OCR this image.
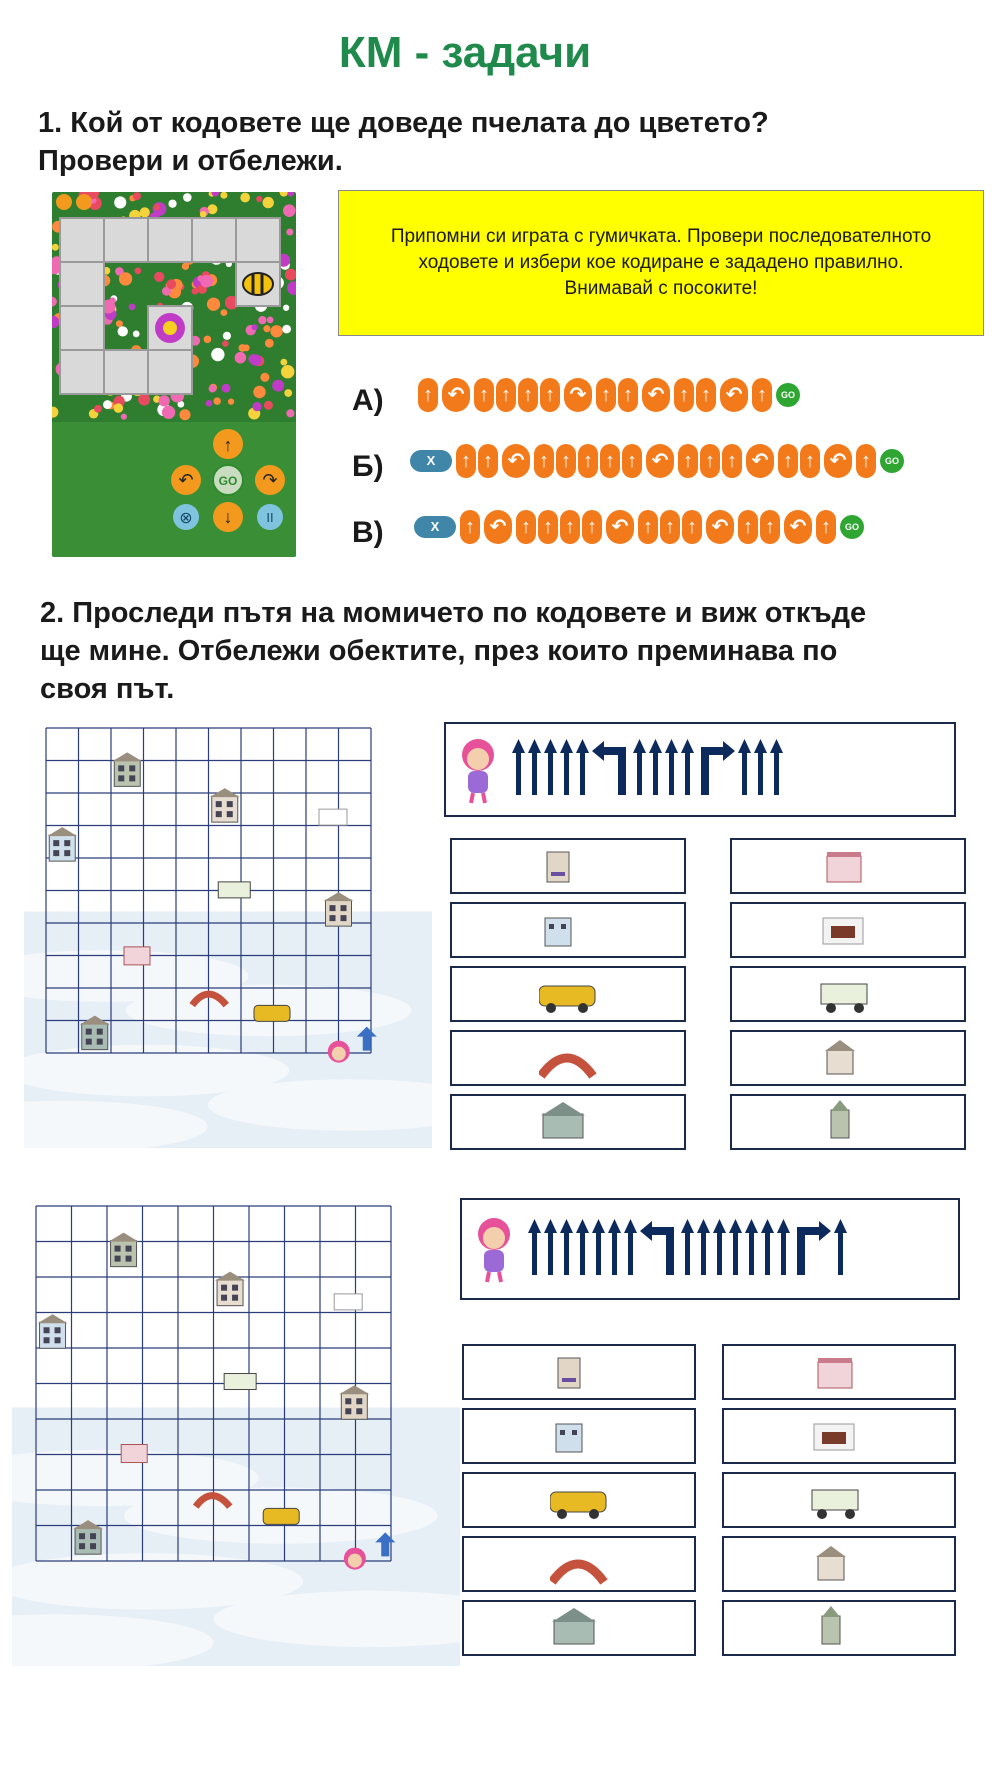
КМ - задачи
1. Кой от кодовете ще доведе пчелата до цветето?
Провери и отбележи.
↑
↶ GO ↷
⊗ ↓	II
Припомни си играта с гумичката. Провери последователното ходовете и избери кое кодиране е зададено правилно. Внимавай с посоките!
А) ↑ ↶ ↑ ↑ ↑ ↑ ↷ ↑ ↑ ↶ ↑ ↑ ↶ ↑	GO
Б)	X	↑ ↑ ↶ ↑ ↑ ↑ ↑ ↑ ↶ ↑ ↑ ↑ ↶ ↑ ↑ ↶ ↑	GO
В)	X	↑ ↶ ↑ ↑ ↑ ↑ ↶ ↑ ↑ ↑ ↶ ↑ ↑ ↶ ↑	GO
2. Проследи пътя на момичето по кодовете и виж откъде
ще мине. Отбележи обектите, през които преминава по
своя път.
